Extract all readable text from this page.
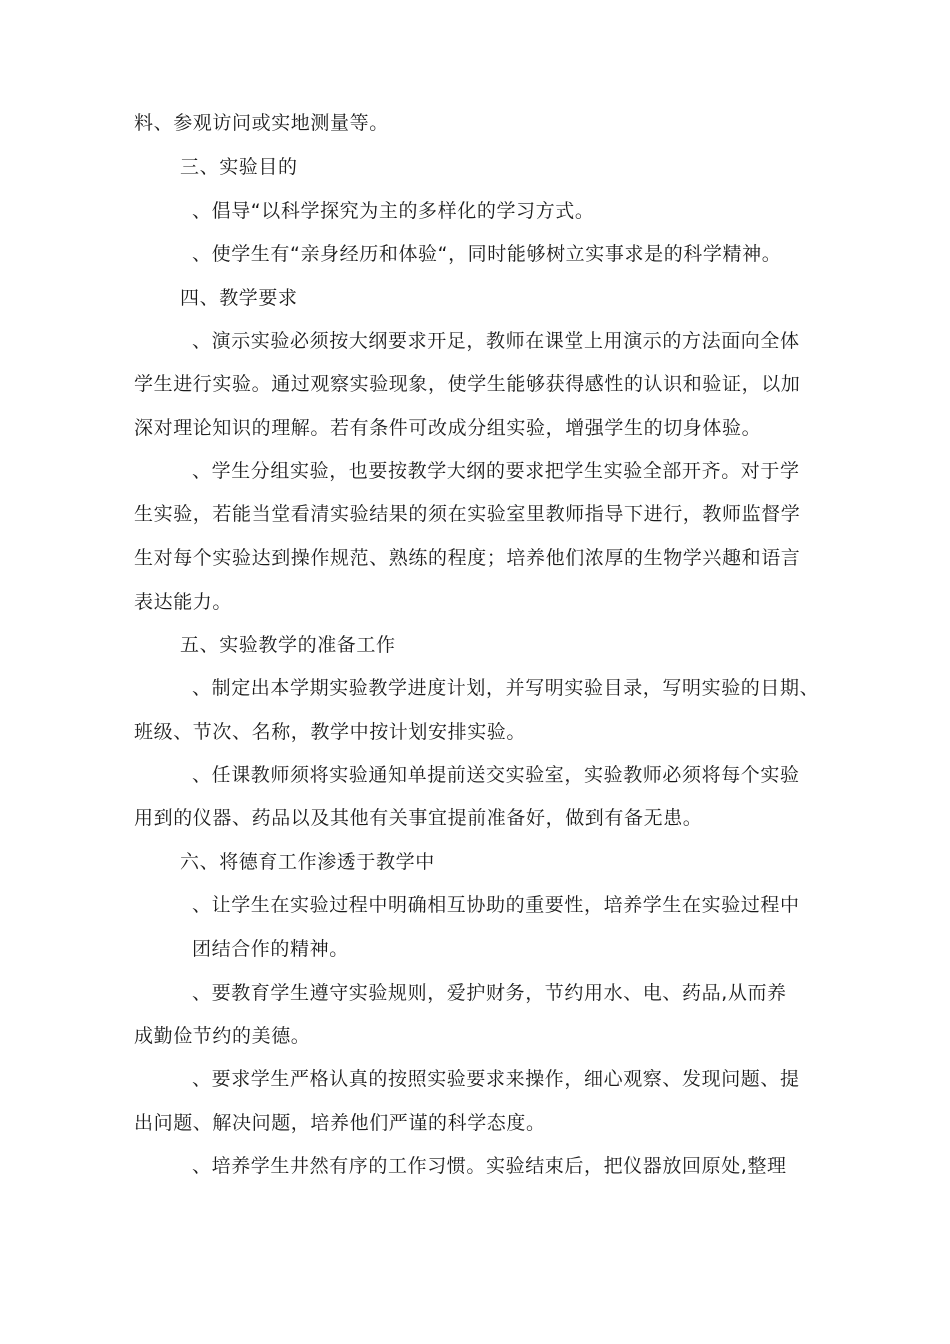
料、参观访问或实地测量等。
三、实验目的
、倡导“以科学探究为主的多样化的学习方式。
、使学生有“亲身经历和体验“，同时能够树立实事求是的科学精神。
四、教学要求
、演示实验必须按大纲要求开足，教师在课堂上用演示的方法面向全体
学生进行实验。通过观察实验现象，使学生能够获得感性的认识和验证，以加
深对理论知识的理解。若有条件可改成分组实验，增强学生的切身体验。
、学生分组实验，也要按教学大纲的要求把学生实验全部开齐。对于学
生实验，若能当堂看清实验结果的须在实验室里教师指导下进行，教师监督学
生对每个实验达到操作规范、熟练的程度；培养他们浓厚的生物学兴趣和语言
表达能力。
五、实验教学的准备工作
、制定出本学期实验教学进度计划，并写明实验目录，写明实验的日期、
班级、节次、名称，教学中按计划安排实验。
、任课教师须将实验通知单提前送交实验室，实验教师必须将每个实验
用到的仪器、药品以及其他有关事宜提前准备好，做到有备无患。
六、将德育工作渗透于教学中
、让学生在实验过程中明确相互协助的重要性，培养学生在实验过程中
团结合作的精神。
、要教育学生遵守实验规则，爱护财务，节约用水、电、药品,从而养
成勤俭节约的美德。
、要求学生严格认真的按照实验要求来操作，细心观察、发现问题、提
出问题、解决问题，培养他们严谨的科学态度。
、培养学生井然有序的工作习惯。实验结束后，把仪器放回原处,整理
